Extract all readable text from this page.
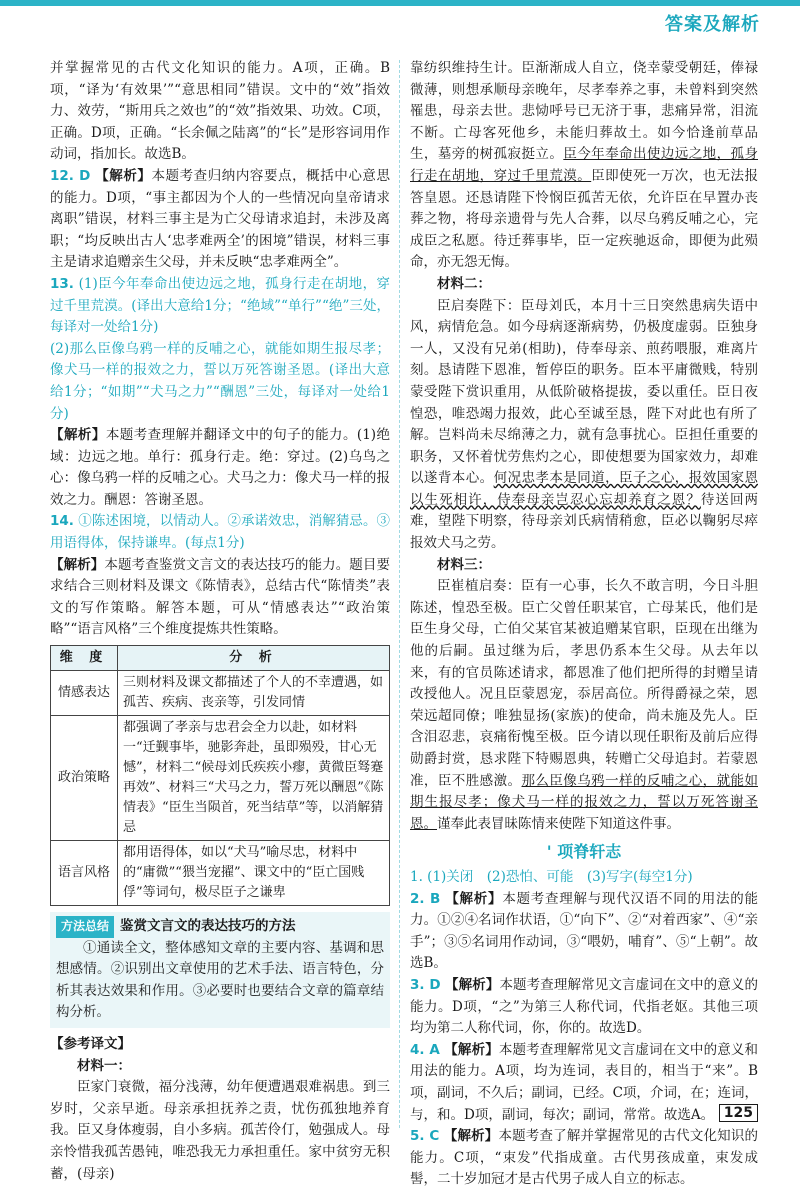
答案及解析

并掌握常见的古代文化知识的能力。A项，正确。B项，“译为‘有效果’”“意思相同”错误。文中的“效”指效力、效劳，“斯用兵之效也”的“效”指效果、功效。C项，正确。D项，正确。“长余佩之陆离”的“长”是形容词用作动词，指加长。故选B。

12. D 【解析】本题考查归纳内容要点，概括中心意思的能力。D项，“事主都因为个人的一些情况向皇帝请求离职”错误，材料三事主是为亡父母请求追封，未涉及离职；“均反映出古人‘忠孝难两全’的困境”错误，材料三事主是请求追赠亲生父母，并未反映“忠孝难两全”。

13. (1)臣今年奉命出使边远之地，孤身行走在胡地，穿过千里荒漠。(译出大意给1分；“绝域”“单行”“绝”三处，每译对一处给1分)

(2)那么臣像乌鸦一样的反哺之心，就能如期生报尽孝；像犬马一样的报效之力，誓以万死答谢圣恩。(译出大意给1分；“如期”“犬马之力”“酬恩”三处，每译对一处给1分)

【解析】本题考查理解并翻译文中的句子的能力。(1)绝域：边远之地。单行：孤身行走。绝：穿过。(2)乌鸟之心：像乌鸦一样的反哺之心。犬马之力：像犬马一样的报效之力。酬恩：答谢圣恩。

14. ①陈述困境，以情动人。②承诺效忠，消解猜忌。③用语得体，保持谦卑。(每点1分)

【解析】本题考查鉴赏文言文的表达技巧的能力。题目要求结合三则材料及课文《陈情表》，总结古代“陈情类”表文的写作策略。解答本题，可从“情感表达”“政治策略”“语言风格”三个维度提炼共性策略。

维 度	分 析
情感表达	三则材料及课文都描述了个人的不幸遭遇，如孤苦、疾病、丧亲等，引发同情
政治策略	都强调了孝亲与忠君会全力以赴，如材料一“迁觐事毕，驰影奔赴，虽即殒殁，甘心无憾”，材料二“候母刘氏疾疾小瘳，黄微臣驽蹇再效”、材料三“犬马之力，誓万死以酬恩”《陈情表》“臣生当陨首，死当结草”等，以消解猜忌
语言风格	都用语得体，如以“犬马”喻尽忠，材料中的“庸微”“猥当宠擢”、课文中的“臣亡国贱俘”等词句，极尽臣子之谦卑
方法总结 鉴赏文言文的表达技巧的方法

①通读全文，整体感知文章的主要内容、基调和思想感情。②识别出文章使用的艺术手法、语言特色，分析其表达效果和作用。③必要时也要结合文章的篇章结构分析。

【参考译文】

材料一：

臣家门衰微，福分浅薄，幼年便遭遇艰难祸患。到三岁时，父亲早逝。母亲承担抚养之责，忧伤孤独地养育我。臣又身体瘦弱，自小多病。孤苦伶仃，勉强成人。母亲怜惜我孤苦愚钝，唯恐我无力承担重任。家中贫穷无积蓄，(母亲)

靠纺织维持生计。臣渐渐成人自立，侥幸蒙受朝廷，俸禄微薄，则想承顺母亲晚年，尽孝奉养之事，未曾料到突然罹患，母亲去世。悲恸呼号已无济于事，悲痛异常，泪流不断。亡母客死他乡，未能归葬故土。如今恰逢前草品生，墓旁的树孤寂挺立。臣今年奉命出使边远之地，孤身行走在胡地，穿过千里荒漠。臣即使死一万次，也无法报答皇恩。还恳请陛下怜悯臣孤苦无依，允许臣在早置办丧葬之物，将母亲遗骨与先人合葬，以尽乌鸦反哺之心，完成臣之私愿。待迁葬事毕，臣一定疾驰返命，即便为此殒命，亦无怨无悔。

材料二：

臣启奏陛下：臣母刘氏，本月十三日突然患病失语中风，病情危急。如今母病逐渐病势，仍极度虚弱。臣独身一人，又没有兄弟(相助)，侍奉母亲、煎药喂服，难离片刻。恳请陛下恩准，暂停臣的职务。臣本平庸微贱，特别蒙受陛下赏识重用，从低阶破格提拔，委以重任。臣日夜惶恐，唯恐竭力报效，此心至诚至恳，陛下对此也有所了解。岂料尚未尽绵薄之力，就有急事扰心。臣担任重要的职务，又怀着忧劳焦灼之心，即使想要为国家效力，却难以遂背本心。何况忠孝本是同道，臣子之心，报效国家恩以生死相许，侍奉母亲岂忍心忘却养育之恩？待送回两难，望陛下明察，待母亲刘氏病情稍愈，臣必以鞠躬尽瘁报效犬马之劳。

材料三：

臣崔植启奏：臣有一心事，长久不敢言明，今日斗胆陈述，惶恐至极。臣亡父曾任职某官，亡母某氏，他们是臣生身父母，亡伯父某官某被追赠某官职，臣现在出继为他的后嗣。虽过继为后，孝思仍系本生父母。从去年以来，有的官员陈述请求，都恩准了他们把所得的封赠呈请改授他人。况且臣蒙恩宠，忝居高位。所得爵禄之荣，恩荣远超同僚；唯独显扬(家族)的使命，尚未施及先人。臣含泪忍悲，哀痛衔愧至极。臣今请以现任职衔及前后应得勋爵封赏，恳求陛下特赐恩典，转赠亡父母追封。若蒙恩准，臣不胜感激。那么臣像乌鸦一样的反哺之心，就能如期生报尽孝；像犬马一样的报效之力，誓以万死答谢圣恩。谨奉此表冒昧陈情来使陛下知道这件事。

' 项脊轩志

1. (1)关闭　(2)恐怕、可能　(3)写字(每空1分)

2. B 【解析】本题考查理解与现代汉语不同的用法的能力。①②④名词作状语，①“向下”、②“对着西家”、④“亲手”；③⑤名词用作动词，③“喂奶，哺育”、⑤“上朝”。故选B。

3. D 【解析】本题考查理解常见文言虚词在文中的意义的能力。D项，“之”为第三人称代词，代指老妪。其他三项均为第二人称代词，你，你的。故选D。

4. A 【解析】本题考查理解常见文言虚词在文中的意义和用法的能力。A项，均为连词，表目的，相当于“来”。B项，副词，不久后；副词，已经。C项，介词，在；连词，与，和。D项，副词，每次；副词，常常。故选A。

5. C 【解析】本题考查了解并掌握常见的古代文化知识的能力。C项，“束发”代指成童。古代男孩成童，束发成髻，二十岁加冠才是古代男子成人自立的标志。

125
